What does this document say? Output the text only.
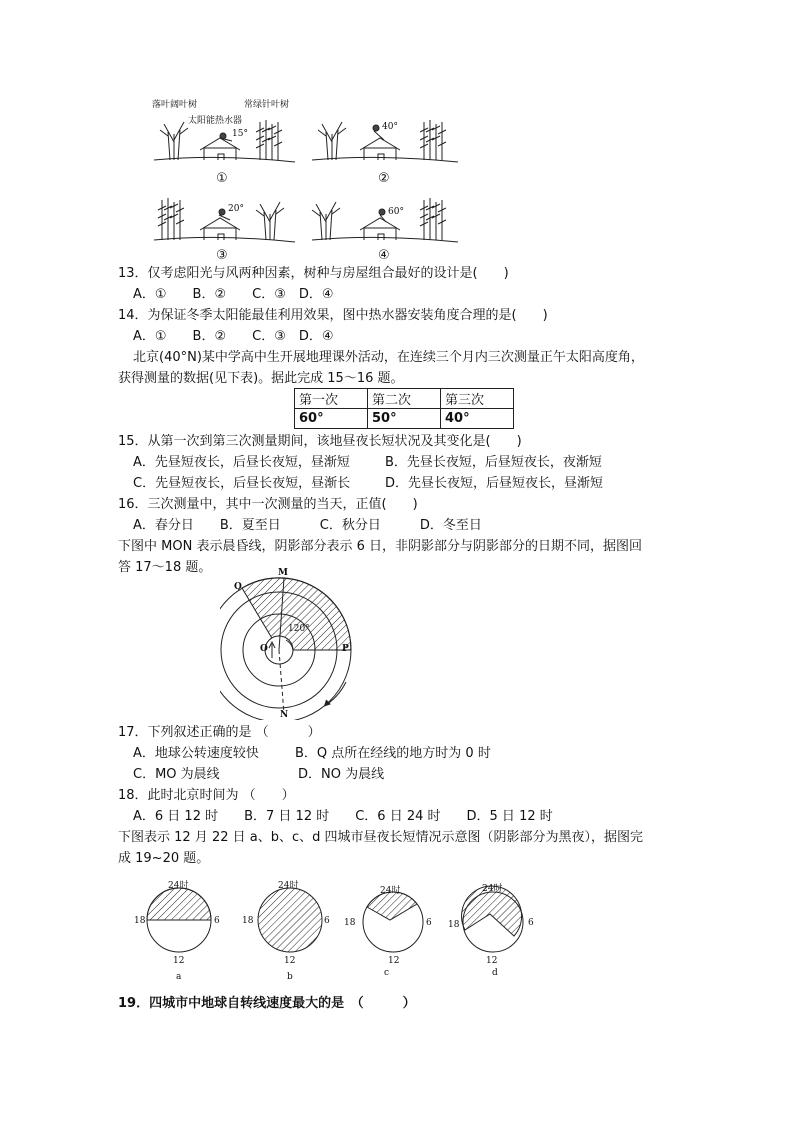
落叶阔叶树	常绿针叶树
太阳能热水器
15°
40°
20°	60°
①	②
③	④
13．仅考虑阳光与风两种因素，树种与房屋组合最好的设计是(　　)
A．①　　B．②　　C．③　D．④
14．为保证冬季太阳能最佳利用效果，图中热水器安装角度合理的是(　　)
A．①　　B．②　　C．③　D．④
北京(40°N)某中学高中生开展地理课外活动，在连续三个月内三次测量正午太阳高度角，
获得测量的数据(见下表)。据此完成 15～16 题。
第一次	第二次	第三次
60°	50°	40°
15．从第一次到第三次测量期间，该地昼夜长短状况及其变化是(　　)
A．先昼短夜长，后昼长夜短，昼渐短	B．先昼长夜短，后昼短夜长，夜渐短
C．先昼短夜长，后昼长夜短，昼渐长	D．先昼长夜短，后昼短夜长，昼渐短
16．三次测量中，其中一次测量的当天，正值(　　)
A．春分日　　B．夏至日　　　C．秋分日　　　D．冬至日
下图中 MON 表示晨昏线，阴影部分表示 6 日，非阴影部分与阴影部分的日期不同，据图回
答 17～18 题。	M
Q
O	P
N
120°
17．下列叙述正确的是 （　　　）
A．地球公转速度较快	B．Q 点所在经线的地方时为 0 时
C．MO 为晨线	D．NO 为晨线
18．此时北京时间为 （　　）
A．6 日 12 时　　B．7 日 12 时　　C．6 日 24 时　　D．5 日 12 时
下图表示 12 月 22 日 a、b、c、d 四城市昼夜长短情况示意图（阴影部分为黑夜），据图完
成 19~20 题。
24时
18	6
12
a
24时
18	6
12
b
24时
18	6
12
c
24时
18	6
12
d
19．四城市中地球自转线速度最大的是　（　　　）
